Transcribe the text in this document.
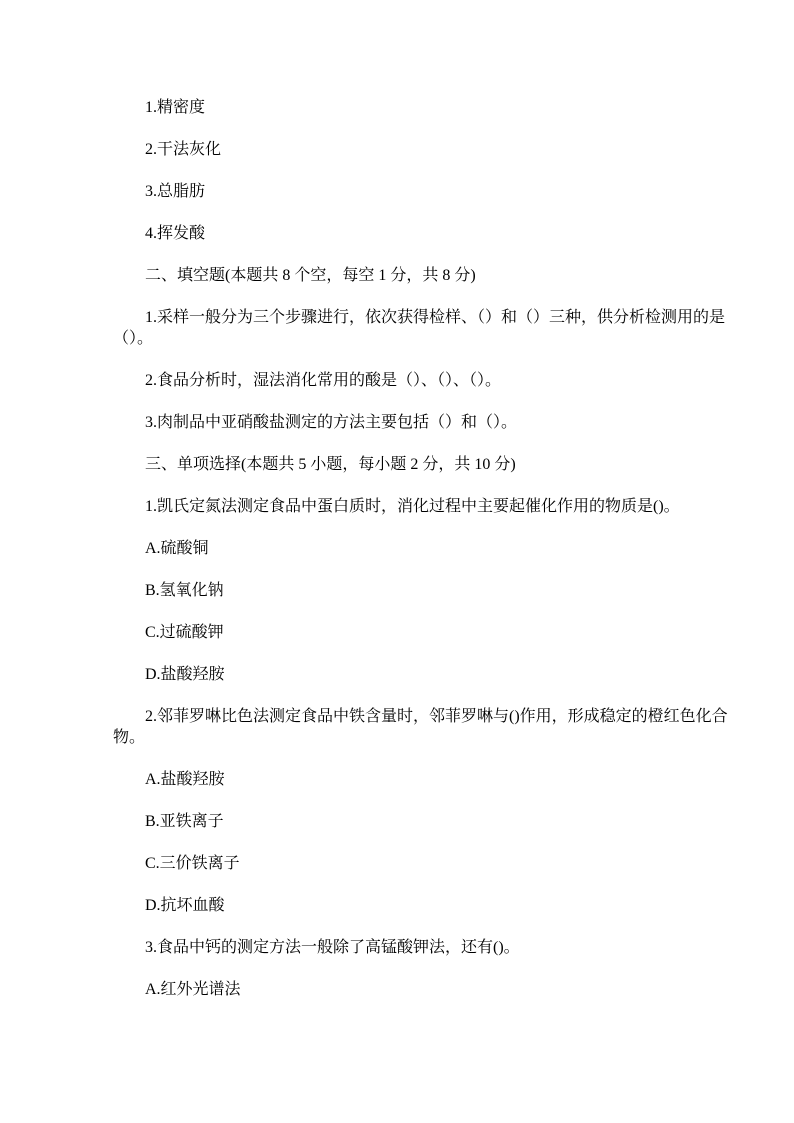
1.精密度

2.干法灰化

3.总脂肪

4.挥发酸

二、填空题(本题共 8 个空，每空 1 分，共 8 分)

1.采样一般分为三个步骤进行，依次获得检样、（）和（）三种，供分析检测用的是
（）。

2.食品分析时，湿法消化常用的酸是（）、（）、（）。

3.肉制品中亚硝酸盐测定的方法主要包括（）和（）。

三、单项选择(本题共 5 小题，每小题 2 分，共 10 分)

1.凯氏定氮法测定食品中蛋白质时，消化过程中主要起催化作用的物质是()。

A.硫酸铜

B.氢氧化钠

C.过硫酸钾

D.盐酸羟胺

2.邻菲罗啉比色法测定食品中铁含量时，邻菲罗啉与()作用，形成稳定的橙红色化合
物。

A.盐酸羟胺

B.亚铁离子

C.三价铁离子

D.抗坏血酸

3.食品中钙的测定方法一般除了高锰酸钾法，还有()。

A.红外光谱法
